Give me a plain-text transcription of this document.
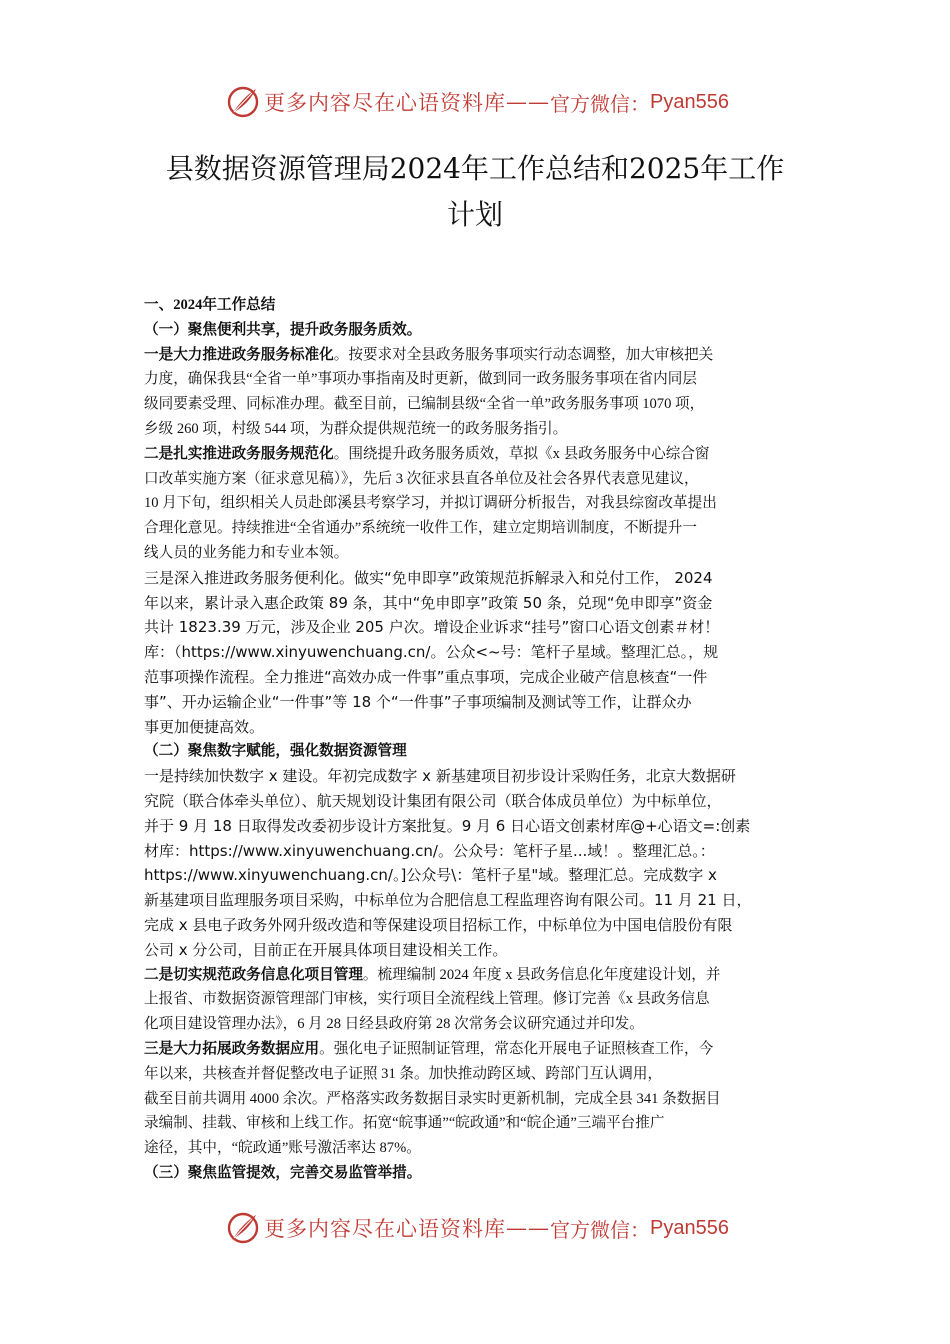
更多内容尽在心语资料库 —— 官方微信： Pyan556
县数据资源管理局2024年工作总结和2025年工作
计划
一、2024年工作总结
（一）聚焦便利共享，提升政务服务质效。
一是大力推进政务服务标准化。按要求对全县政务服务事项实行动态调整，加大审核把关
力度，确保我县“全省一单”事项办事指南及时更新，做到同一政务服务事项在省内同层
级同要素受理、同标准办理。截至目前，已编制县级“全省一单”政务服务事项 1070 项，
乡级 260 项，村级 544 项，为群众提供规范统一的政务服务指引。
二是扎实推进政务服务规范化。围绕提升政务服务质效，草拟《x 县政务服务中心综合窗
口改革实施方案（征求意见稿）》，先后 3 次征求县直各单位及社会各界代表意见建议，
10 月下旬，组织相关人员赴郎溪县考察学习，并拟订调研分析报告，对我县综窗改革提出
合理化意见。持续推进“全省通办”系统统一收件工作，建立定期培训制度，不断提升一
线人员的业务能力和专业本领。
三是深入推进政务服务便利化。做实“免申即享”政策规范拆解录入和兑付工作， 2024
年以来，累计录入惠企政策 89 条，其中“免申即享”政策 50 条，兑现“免申即享”资金
共计 1823.39 万元，涉及企业 205 户次。增设企业诉求“挂号”窗口心语文创素＃材！
库：（https://www.xinyuwenchuang.cn/。公众<~号：笔杆子星域。整理汇总。，规
范事项操作流程。全力推进“高效办成一件事”重点事项，完成企业破产信息核查“一件
事”、开办运输企业“一件事”等 18 个“一件事”子事项编制及测试等工作，让群众办
事更加便捷高效。
（二）聚焦数字赋能，强化数据资源管理
一是持续加快数字 x 建设。年初完成数字 x 新基建项目初步设计采购任务，北京大数据研
究院（联合体牵头单位）、航天规划设计集团有限公司（联合体成员单位）为中标单位，
并于 9 月 18 日取得发改委初步设计方案批复。9 月 6 日心语文创素材库@+心语文=:创素
材库：https://www.xinyuwenchuang.cn/。公众号：笔杆子星...域！。整理汇总。：
https://www.xinyuwenchuang.cn/。]公众号\：笔杆子星"域。整理汇总。完成数字 x
新基建项目监理服务项目采购，中标单位为合肥信息工程监理咨询有限公司。11 月 21 日，
完成 x 县电子政务外网升级改造和等保建设项目招标工作，中标单位为中国电信股份有限
公司 x 分公司，目前正在开展具体项目建设相关工作。
二是切实规范政务信息化项目管理。梳理编制 2024 年度 x 县政务信息化年度建设计划，并
上报省、市数据资源管理部门审核，实行项目全流程线上管理。修订完善《x 县政务信息
化项目建设管理办法》，6 月 28 日经县政府第 28 次常务会议研究通过并印发。
三是大力拓展政务数据应用。强化电子证照制证管理，常态化开展电子证照核查工作，今
年以来，共核查并督促整改电子证照 31 条。加快推动跨区域、跨部门互认调用，
截至目前共调用 4000 余次。严格落实政务数据目录实时更新机制，完成全县 341 条数据目
录编制、挂载、审核和上线工作。拓宽“皖事通”“皖政通”和“皖企通”三端平台推广
途径，其中，“皖政通”账号激活率达 87%。
（三）聚焦监管提效，完善交易监管举措。
更多内容尽在心语资料库 —— 官方微信： Pyan556
